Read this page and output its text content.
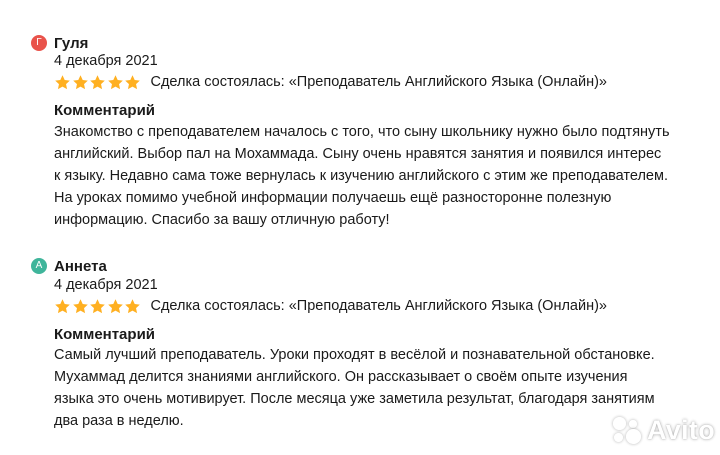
Г Гуля
4 декабря 2021
Сделка состоялась: «Преподаватель Английского Языка (Онлайн)»
Комментарий
Знакомство с преподавателем началось с того, что сыну школьнику нужно было подтянуть
английский. Выбор пал на Мохаммада. Сыну очень нравятся занятия и появился интерес
к языку. Недавно сама тоже вернулась к изучению английского с этим же преподавателем.
На уроках помимо учебной информации получаешь ещё разносторонне полезную
информацию. Спасибо за вашу отличную работу!
А Аннета
4 декабря 2021
Сделка состоялась: «Преподаватель Английского Языка (Онлайн)»
Комментарий
Самый лучший преподаватель. Уроки проходят в весёлой и познавательной обстановке.
Мухаммад делится знаниями английского. Он рассказывает о своём опыте изучения
языка это очень мотивирует. После месяца уже заметила результат, благодаря занятиям
два раза в неделю.	Avito
